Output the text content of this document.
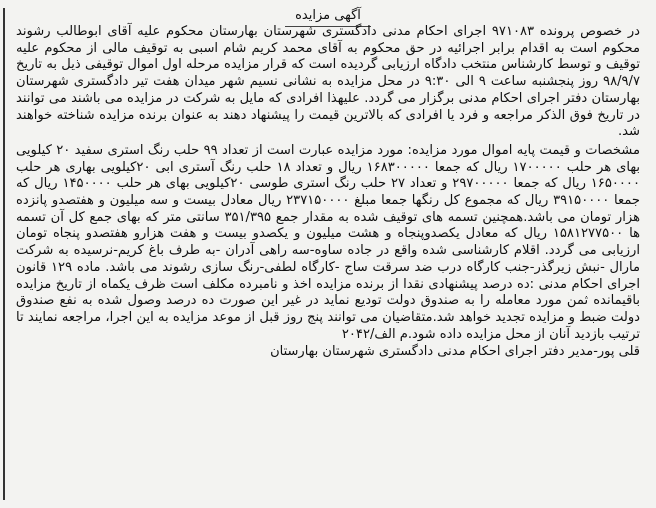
آگهی مزایده

در خصوص پرونده ۹۷۱۰۸۳ اجرای احکام مدنی دادگستری شهرستان بهارستان محکوم علیه آقای ابوطالب رشوند محکوم است به اقدام برابر اجرائیه در حق محکوم به آقای محمد کریم شام اسبی به توقیف مالی از محکوم علیه توقیف و توسط کارشناس منتخب دادگاه ارزیابی گردیده است که قرار مزایده مرحله اول اموال توقیفی ذیل به تاریخ ۹۸/۹/۷ روز پنجشنبه ساعت ۹ الی ۹:۳۰ در محل مزایده به نشانی نسیم شهر میدان هفت تیر دادگستری شهرستان بهارستان دفتر اجرای احکام مدنی برگزار می گردد. علیهذا افرادی که مایل به شرکت در مزایده می باشند می توانند در تاریخ فوق الذکر مراجعه و فرد یا افرادی که بالاترین قیمت را پیشنهاد دهند به عنوان برنده مزایده شناخته خواهند شد.

مشخصات و قیمت پایه اموال مورد مزایده: مورد مزایده عبارت است از تعداد ۹۹ حلب رنگ استری سفید ۲۰ کیلویی بهای هر حلب ۱۷۰۰۰۰۰ ریال که جمعا ۱۶۸۳۰۰۰۰۰ ریال و تعداد ۱۸ حلب رنگ آستری ابی ۲۰کیلویی بهاری هر حلب ۱۶۵۰۰۰۰ ریال که جمعا ۲۹۷۰۰۰۰۰ و تعداد ۲۷ حلب رنگ استری طوسی ۲۰کیلویی بهای هر حلب ۱۴۵۰۰۰۰ ریال که جمعا ۳۹۱۵۰۰۰۰ ریال که مجموع کل رنگها جمعا مبلغ ۲۳۷۱۵۰۰۰۰ ریال معادل بیست و سه میلیون و هفتصدو پانزده هزار تومان می باشد.همچنین تسمه های توقیف شده به مقدار جمع ۳۵۱/۳۹۵ سانتی متر که بهای جمع کل آن تسمه ها ۱۵۸۱۲۷۷۵۰۰ ریال که معادل یکصدوپنجاه و هشت میلیون و یکصدو بیست و هفت هزارو هفتصدو پنجاه تومان ارزیابی می گردد. اقلام کارشناسی شده واقع در جاده ساوه-سه راهی آدران -به طرف باغ کریم-نرسیده به شرکت مارال -نبش زیرگذر-جنب کارگاه درب ضد سرقت ساج -کارگاه لطفی-رنگ سازی رشوند می باشد. ماده ۱۲۹ قانون اجرای احکام مدنی :ده درصد پیشنهادی نقدا از برنده مزایده اخذ و نامبرده مکلف است ظرف یکماه از تاریخ مزایده باقیمانده ثمن مورد معامله را به صندوق دولت تودیع نماید در غیر این صورت ده درصد وصول شده به نفع صندوق دولت ضبط و مزایده تجدید خواهد شد.متقاضیان می توانند پنج روز قبل از موعد مزایده به این اجرا، مراجعه نمایند تا ترتیب بازدید آنان از محل مزایده داده شود.م الف/۲۰۴۲

قلی پور-مدیر دفتر اجرای احکام مدنی دادگستری شهرستان بهارستان
